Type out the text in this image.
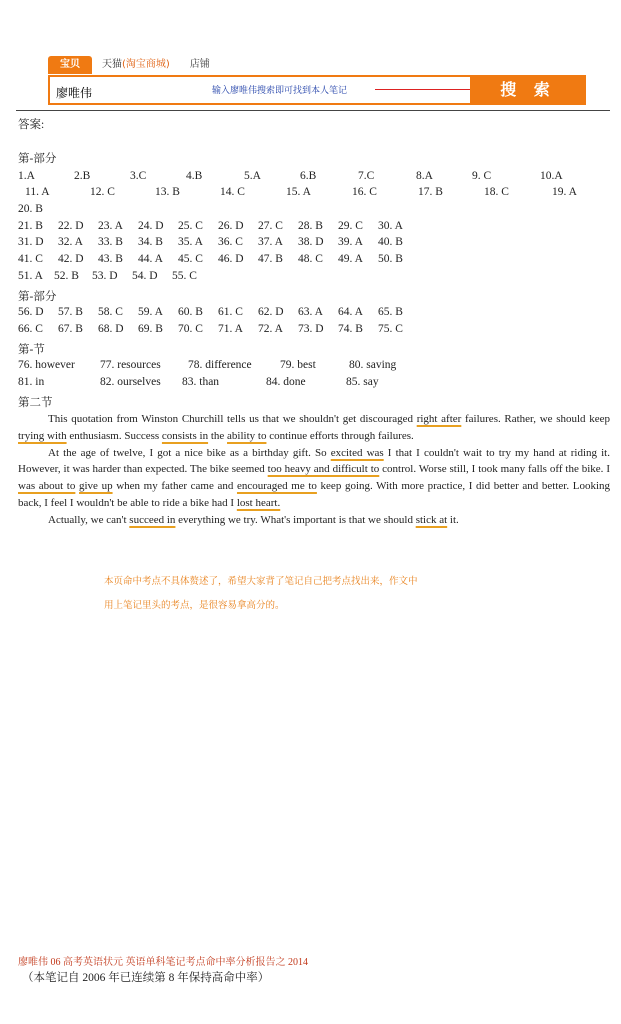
宝贝	天猫(淘宝商城)	店铺
廖唯伟
输入廖唯伟搜索即可找到本人笔记	搜 索
答案:
第-部分
1.A	2.B	3.C	4.B	5.A	6.B	7.C	8.A	9. C	10.A
11. A	12. C	13. B	14. C	15. A	16. C	17. B	18. C	19. A
20. B
21. B 22. D 23. A 24. D 25. C 26. D 27. C 28. B 29. C 30. A
31. D 32. A 33. B 34. B 35. A 36. C 37. A 38. D 39. A 40. B
41. C 42. D 43. B 44. A 45. C 46. D 47. B 48. C 49. A 50. B
51. A 52. B 53. D 54. D 55. C
第-部分
56. D 57. B 58. C 59. A 60. B 61. C 62. D 63. A 64. A 65. B
66. C 67. B 68. D 69. B 70. C 71. A 72. A 73. D 74. B 75. C
第-节
76. however 77. resources 78. difference 79. best	80. saving
81. in	82. ourselves 83. than	84. done	85. say
第二节

This quotation from Winston Churchill tells us that we shouldn't get discouraged right after failures. Rather, we should keep trying with enthusiasm. Success consists in the ability to continue efforts through failures.

At the age of twelve, I got a nice bike as a birthday gift. So excited was I that I couldn't wait to try my hand at riding it. However, it was harder than expected. The bike seemed too heavy and difficult to control. Worse still, I took many falls off the bike. I was about to give up when my father came and encouraged me to keep going. With more practice, I did better and better. Looking back, I feel I wouldn't be able to ride a bike had I lost heart.

Actually, we can't succeed in everything we try. What's important is that we should stick at it.

本页命中考点不具体赘述了，希望大家背了笔记自己把考点找出来，作文中
用上笔记里头的考点，是很容易拿高分的。
廖唯伟 06 高考英语状元 英语单科笔记考点命中率分析报告之 2014
（本笔记自 2006 年已连续第 8 年保持高命中率）
